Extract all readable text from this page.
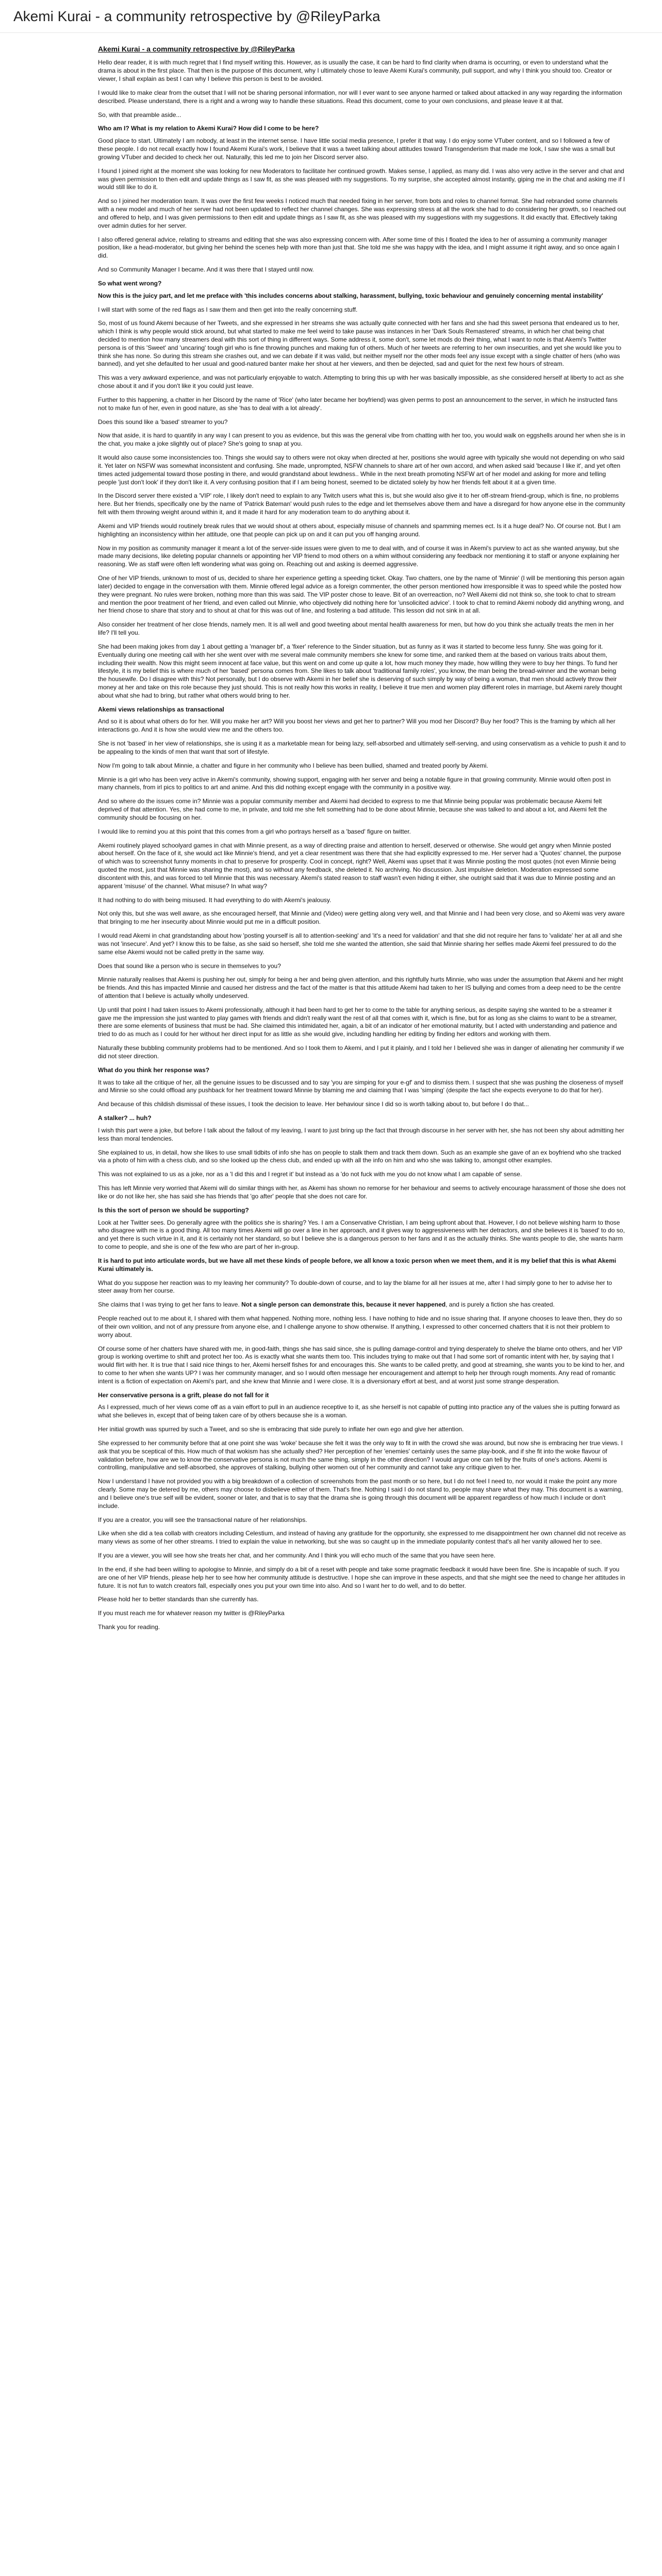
Akemi Kurai - a community retrospective by @RileyParka
Akemi Kurai - a community retrospective by @RileyParka

Hello dear reader, it is with much regret that I find myself writing this. However, as is usually the case, it can be hard to find clarity when drama is occurring, or even to understand what the drama is about in the first place. That then is the purpose of this document, why I ultimately chose to leave Akemi Kurai's community, pull support, and why I think you should too. Creator or viewer, I shall explain as best I can why I believe this person is best to be avoided.

I would like to make clear from the outset that I will not be sharing personal information, nor will I ever want to see anyone harmed or talked about attacked in any way regarding the information described. Please understand, there is a right and a wrong way to handle these situations. Read this document, come to your own conclusions, and please leave it at that.

So, with that preamble aside...

Who am I? What is my relation to Akemi Kurai? How did I come to be here?

Good place to start. Ultimately I am nobody, at least in the internet sense. I have little social media presence, I prefer it that way. I do enjoy some VTuber content, and so I followed a few of these people. I do not recall exactly how I found Akemi Kurai's work, I believe that it was a tweet talking about attitudes toward Transgenderism that made me look, I saw she was a small but growing VTuber and decided to check her out. Naturally, this led me to join her Discord server also.

I found I joined right at the moment she was looking for new Moderators to facilitate her continued growth. Makes sense, I applied, as many did. I was also very active in the server and chat and was given permission to then edit and update things as I saw fit, as she was pleased with my suggestions. To my surprise, she accepted almost instantly, giping me in the chat and asking me if I would still like to do it.

And so I joined her moderation team. It was over the first few weeks I noticed much that needed fixing in her server, from bots and roles to channel format. She had rebranded some channels with a new model and much of her server had not been updated to reflect her channel changes. She was expressing stress at all the work she had to do considering her growth, so I reached out and offered to help, and I was given permissions to then edit and update things as I saw fit, as she was pleased with my suggestions with my suggestions. It did exactly that. Effectively taking over admin duties for her server.

I also offered general advice, relating to streams and editing that she was also expressing concern with. After some time of this I floated the idea to her of assuming a community manager position, like a head-moderator, but giving her behind the scenes help with more than just that. She told me she was happy with the idea, and I might assume it right away, and so once again I did.

And so Community Manager I became. And it was there that I stayed until now.

So what went wrong?

Now this is the juicy part, and let me preface with 'this includes concerns about stalking, harassment, bullying, toxic behaviour and genuinely concerning mental instability'

I will start with some of the red flags as I saw them and then get into the really concerning stuff.

So, most of us found Akemi because of her Tweets, and she expressed in her streams she was actually quite connected with her fans and she had this sweet persona that endeared us to her, which I think is why people would stick around, but what started to make me feel weird to take pause was instances in her 'Dark Souls Remastered' streams, in which her chat being chat decided to mention how many streamers deal with this sort of thing in different ways. Some address it, some don't, some let mods do their thing, what I want to note is that Akemi's Twitter persona is of this 'Sweet' and 'uncaring' tough girl who is fine throwing punches and making fun of others. Much of her tweets are referring to her own insecurities, and yet she would like you to think she has none. So during this stream she crashes out, and we can debate if it was valid, but neither myself nor the other mods feel any issue except with a single chatter of hers (who was banned), and yet she defaulted to her usual and good-natured banter make her shout at her viewers, and then be dejected, sad and quiet for the next few hours of stream.

This was a very awkward experience, and was not particularly enjoyable to watch. Attempting to bring this up with her was basically impossible, as she considered herself at liberty to act as she chose about it and if you don't like it you could just leave.

Further to this happening, a chatter in her Discord by the name of 'Rice' (who later became her boyfriend) was given perms to post an announcement to the server, in which he instructed fans not to make fun of her, even in good nature, as she 'has to deal with a lot already'.

Does this sound like a 'based' streamer to you?

Now that aside, it is hard to quantify in any way I can present to you as evidence, but this was the general vibe from chatting with her too, you would walk on eggshells around her when she is in the chat, you make a joke slightly out of place? She's going to snap at you.

It would also cause some inconsistencies too. Things she would say to others were not okay when directed at her, positions she would agree with typically she would not depending on who said it. Yet later on NSFW was somewhat inconsistent and confusing. She made, unprompted, NSFW channels to share art of her own accord, and when asked said 'because I like it', and yet often times acted judgemental toward those posting in there, and would grandstand about lewdness.. While in the next breath promoting NSFW art of her model and asking for more and telling people 'just don't look' if they don't like it. A very confusing position that if I am being honest, seemed to be dictated solely by how her friends felt about it at a given time.

In the Discord server there existed a 'VIP' role, I likely don't need to explain to any Twitch users what this is, but she would also give it to her off-stream friend-group, which is fine, no problems here. But her friends, specifically one by the name of 'Patrick Bateman' would push rules to the edge and let themselves above them and have a disregard for how anyone else in the community felt with them throwing weight around within it, and it made it hard for any moderation team to do anything about it.

Akemi and VIP friends would routinely break rules that we would shout at others about, especially misuse of channels and spamming memes ect. Is it a huge deal? No. Of course not. But I am highlighting an inconsistency within her attitude, one that people can pick up on and it can put you off hanging around.

Now in my position as community manager it meant a lot of the server-side issues were given to me to deal with, and of course it was in Akemi's purview to act as she wanted anyway, but she made many decisions, like deleting popular channels or appointing her VIP friend to mod others on a whim without considering any feedback nor mentioning it to staff or anyone explaining her reasoning. We as staff were often left wondering what was going on. Reaching out and asking is deemed aggressive.

One of her VIP friends, unknown to most of us, decided to share her experience getting a speeding ticket. Okay. Two chatters, one by the name of 'Minnie' (I will be mentioning this person again later) decided to engage in the conversation with them. Minnie offered legal advice as a foreign commenter, the other person mentioned how irresponsible it was to speed while the posted how they were pregnant. No rules were broken, nothing more than this was said. The VIP poster chose to leave. Bit of an overreaction, no? Well Akemi did not think so, she took to chat to stream and mention the poor treatment of her friend, and even called out Minnie, who objectively did nothing here for 'unsolicited advice'. I took to chat to remind Akemi nobody did anything wrong, and her friend chose to share that story and to shout at chat for this was out of line, and fostering a bad attitude. This lesson did not sink in at all.

Also consider her treatment of her close friends, namely men. It is all well and good tweeting about mental health awareness for men, but how do you think she actually treats the men in her life? I'll tell you.

She had been making jokes from day 1 about getting a 'manager bf', a 'fixer' reference to the Sinder situation, but as funny as it was it started to become less funny. She was going for it. Eventually during one meeting call with her she went over with me several male community members she knew for some time, and ranked them at the based on various traits about them, including their wealth. Now this might seem innocent at face value, but this went on and come up quite a lot, how much money they made, how willing they were to buy her things. To fund her lifestyle, it is my belief this is where much of her 'based' persona comes from. She likes to talk about 'traditional family roles', you know, the man being the bread-winner and the woman being the housewife. Do I disagree with this? Not personally, but I do observe with Akemi in her belief she is deserving of such simply by way of being a woman, that men should actively throw their money at her and take on this role because they just should. This is not really how this works in reality, I believe it true men and women play different roles in marriage, but Akemi rarely thought about what she had to bring, but rather what others would bring to her.

Akemi views relationships as transactional

And so it is about what others do for her. Will you make her art? Will you boost her views and get her to partner? Will you mod her Discord? Buy her food? This is the framing by which all her interactions go. And it is how she would view me and the others too.

She is not 'based' in her view of relationships, she is using it as a marketable mean for being lazy, self-absorbed and ultimately self-serving, and using conservatism as a vehicle to push it and to be appealing to the kinds of men that want that sort of lifestyle.

Now I'm going to talk about Minnie, a chatter and figure in her community who I believe has been bullied, shamed and treated poorly by Akemi.

Minnie is a girl who has been very active in Akemi's community, showing support, engaging with her server and being a notable figure in that growing community. Minnie would often post in many channels, from irl pics to politics to art and anime. And this did nothing except engage with the community in a positive way.

And so where do the issues come in? Minnie was a popular community member and Akemi had decided to express to me that Minnie being popular was problematic because Akemi felt deprived of that attention. Yes, she had come to me, in private, and told me she felt something had to be done about Minnie, because she was talked to and about a lot, and Akemi felt the community should be focusing on her.

I would like to remind you at this point that this comes from a girl who portrays herself as a 'based' figure on twitter.

Akemi routinely played schoolyard games in chat with Minnie present, as a way of directing praise and attention to herself, deserved or otherwise. She would get angry when Minnie posted about herself. On the face of it, she would act like Minnie's friend, and yet a clear resentment was there that she had explicitly expressed to me. Her server had a 'Quotes' channel, the purpose of which was to screenshot funny moments in chat to preserve for prosperity. Cool in concept, right? Well, Akemi was upset that it was Minnie posting the most quotes (not even Minnie being quoted the most, just that Minnie was sharing the most), and so without any feedback, she deleted it. No archiving. No discussion. Just impulsive deletion. Moderation expressed some discontent with this, and was forced to tell Minnie that this was necessary. Akemi's stated reason to staff wasn't even hiding it either, she outright said that it was due to Minnie posting and an apparent 'misuse' of the channel. What misuse? In what way?

It had nothing to do with being misused. It had everything to do with Akemi's jealousy.

Not only this, but she was well aware, as she encouraged herself, that Minnie and (Video) were getting along very well, and that Minnie and I had been very close, and so Akemi was very aware that bringing to me her insecurity about Minnie would put me in a difficult position.

I would read Akemi in chat grandstanding about how 'posting yourself is all to attention-seeking' and 'it's a need for validation' and that she did not require her fans to 'validate' her at all and she was not 'insecure'. And yet? I know this to be false, as she said so herself, she told me she wanted the attention, she said that Minnie sharing her selfies made Akemi feel pressured to do the same else Akemi would not be called pretty in the same way.

Does that sound like a person who is secure in themselves to you?

Minnie naturally realises that Akemi is pushing her out, simply for being a her and being given attention, and this rightfully hurts Minnie, who was under the assumption that Akemi and her might be friends. And this has impacted Minnie and caused her distress and the fact of the matter is that this attitude Akemi had taken to her IS bullying and comes from a deep need to be the centre of attention that I believe is actually wholly undeserved.

Up until that point I had taken issues to Akemi professionally, although it had been hard to get her to come to the table for anything serious, as despite saying she wanted to be a streamer it gave me the impression she just wanted to play games with friends and didn't really want the rest of all that comes with it, which is fine, but for as long as she claims to want to be a streamer, there are some elements of business that must be had. She claimed this intimidated her, again, a bit of an indicator of her emotional maturity, but I acted with understanding and patience and tried to do as much as I could for her without her direct input for as little as she would give, including handling her editing by finding her editors and working with them.

Naturally these bubbling community problems had to be mentioned. And so I took them to Akemi, and I put it plainly, and I told her I believed she was in danger of alienating her community if we did not steer direction.

What do you think her response was?

It was to take all the critique of her, all the genuine issues to be discussed and to say 'you are simping for your e-gf' and to dismiss them. I suspect that she was pushing the closeness of myself and Minnie so she could offload any pushback for her treatment toward Minnie by blaming me and claiming that I was 'simping' (despite the fact she expects everyone to do that for her).

And because of this childish dismissal of these issues, I took the decision to leave. Her behaviour since I did so is worth talking about to, but before I do that...

A stalker? ... huh?

I wish this part were a joke, but before I talk about the fallout of my leaving, I want to just bring up the fact that through discourse in her server with her, she has not been shy about admitting her less than moral tendencies.

She explained to us, in detail, how she likes to use small tidbits of info she has on people to stalk them and track them down. Such as an example she gave of an ex boyfriend who she tracked via a photo of him with a chess club, and so she looked up the chess club, and ended up with all the info on him and who she was talking to, amongst other examples.

This was not explained to us as a joke, nor as a 'I did this and I regret it' but instead as a 'do not fuck with me you do not know what I am capable of' sense.

This has left Minnie very worried that Akemi will do similar things with her, as Akemi has shown no remorse for her behaviour and seems to actively encourage harassment of those she does not like or do not like her, she has said she has friends that 'go after' people that she does not care for.

Is this the sort of person we should be supporting?

Look at her Twitter sees. Do generally agree with the politics she is sharing? Yes. I am a Conservative Christian, I am being upfront about that. However, I do not believe wishing harm to those who disagree with me is a good thing. All too many times Akemi will go over a line in her approach, and it gives way to aggressiveness with her detractors, and she believes it is 'based' to do so, and yet there is such virtue in it, and it is certainly not her standard, so but I believe she is a dangerous person to her fans and it as the actually thinks. She wants people to die, she wants harm to come to people, and she is one of the few who are part of her in-group.

It is hard to put into articulate words, but we have all met these kinds of people before, we all know a toxic person when we meet them, and it is my belief that this is what Akemi Kurai ultimately is.

What do you suppose her reaction was to my leaving her community? To double-down of course, and to lay the blame for all her issues at me, after I had simply gone to her to advise her to steer away from her course.

She claims that I was trying to get her fans to leave. Not a single person can demonstrate this, because it never happened, and is purely a fiction she has created.

People reached out to me about it, I shared with them what happened. Nothing more, nothing less. I have nothing to hide and no issue sharing that. If anyone chooses to leave then, they do so of their own volition, and not of any pressure from anyone else, and I challenge anyone to show otherwise. If anything, I expressed to other concerned chatters that it is not their problem to worry about.

Of course some of her chatters have shared with me, in good-faith, things she has said since, she is pulling damage-control and trying desperately to shelve the blame onto others, and her VIP group is working overtime to shift and protect her too. As is exactly what she wants them too. This includes trying to make out that I had some sort of romantic intent with her, by saying that I would flirt with her. It is true that I said nice things to her, Akemi herself fishes for and encourages this. She wants to be called pretty, and good at streaming, she wants you to be kind to her, and to come to her when she wants UP? I was her community manager, and so I would often message her encouragement and attempt to help her through rough moments. Any read of romantic intent is a fiction of expectation on Akemi's part, and she knew that Minnie and I were close. It is a diversionary effort at best, and at worst just some strange desperation.

Her conservative persona is a grift, please do not fall for it

As I expressed, much of her views come off as a vain effort to pull in an audience receptive to it, as she herself is not capable of putting into practice any of the values she is putting forward as what she believes in, except that of being taken care of by others because she is a woman.

Her initial growth was spurred by such a Tweet, and so she is embracing that side purely to inflate her own ego and give her attention.

She expressed to her community before that at one point she was 'woke' because she felt it was the only way to fit in with the crowd she was around, but now she is embracing her true views. I ask that you be sceptical of this. How much of that wokism has she actually shed? Her perception of her 'enemies' certainly uses the same play-book, and if she fit into the woke flavour of validation before, how are we to know the conservative persona is not much the same thing, simply in the other direction? I would argue one can tell by the fruits of one's actions. Akemi is controlling, manipulative and self-absorbed, she approves of stalking, bullying other women out of her community and cannot take any critique given to her.

Now I understand I have not provided you with a big breakdown of a collection of screenshots from the past month or so here, but I do not feel I need to, nor would it make the point any more clearly. Some may be detered by me, others may choose to disbelieve either of them. That's fine. Nothing I said I do not stand to, people may share what they may. This document is a warning, and I believe one's true self will be evident, sooner or later, and that is to say that the drama she is going through this document will be apparent regardless of how much I include or don't include.

If you are a creator, you will see the transactional nature of her relationships.

Like when she did a tea collab with creators including Celestium, and instead of having any gratitude for the opportunity, she expressed to me disappointment her own channel did not receive as many views as some of her other streams. I tried to explain the value in networking, but she was so caught up in the immediate popularity contest that's all her vanity allowed her to see.

If you are a viewer, you will see how she treats her chat, and her community. And I think you will echo much of the same that you have seen here.

In the end, if she had been willing to apologise to Minnie, and simply do a bit of a reset with people and take some pragmatic feedback it would have been fine. She is incapable of such. If you are one of her VIP friends, please help her to see how her community attitude is destructive. I hope she can improve in these aspects, and that she might see the need to change her attitudes in future. It is not fun to watch creators fall, especially ones you put your own time into also. And so I want her to do well, and to do better.

Please hold her to better standards than she currently has.

If you must reach me for whatever reason my twitter is @RileyParka

Thank you for reading.
